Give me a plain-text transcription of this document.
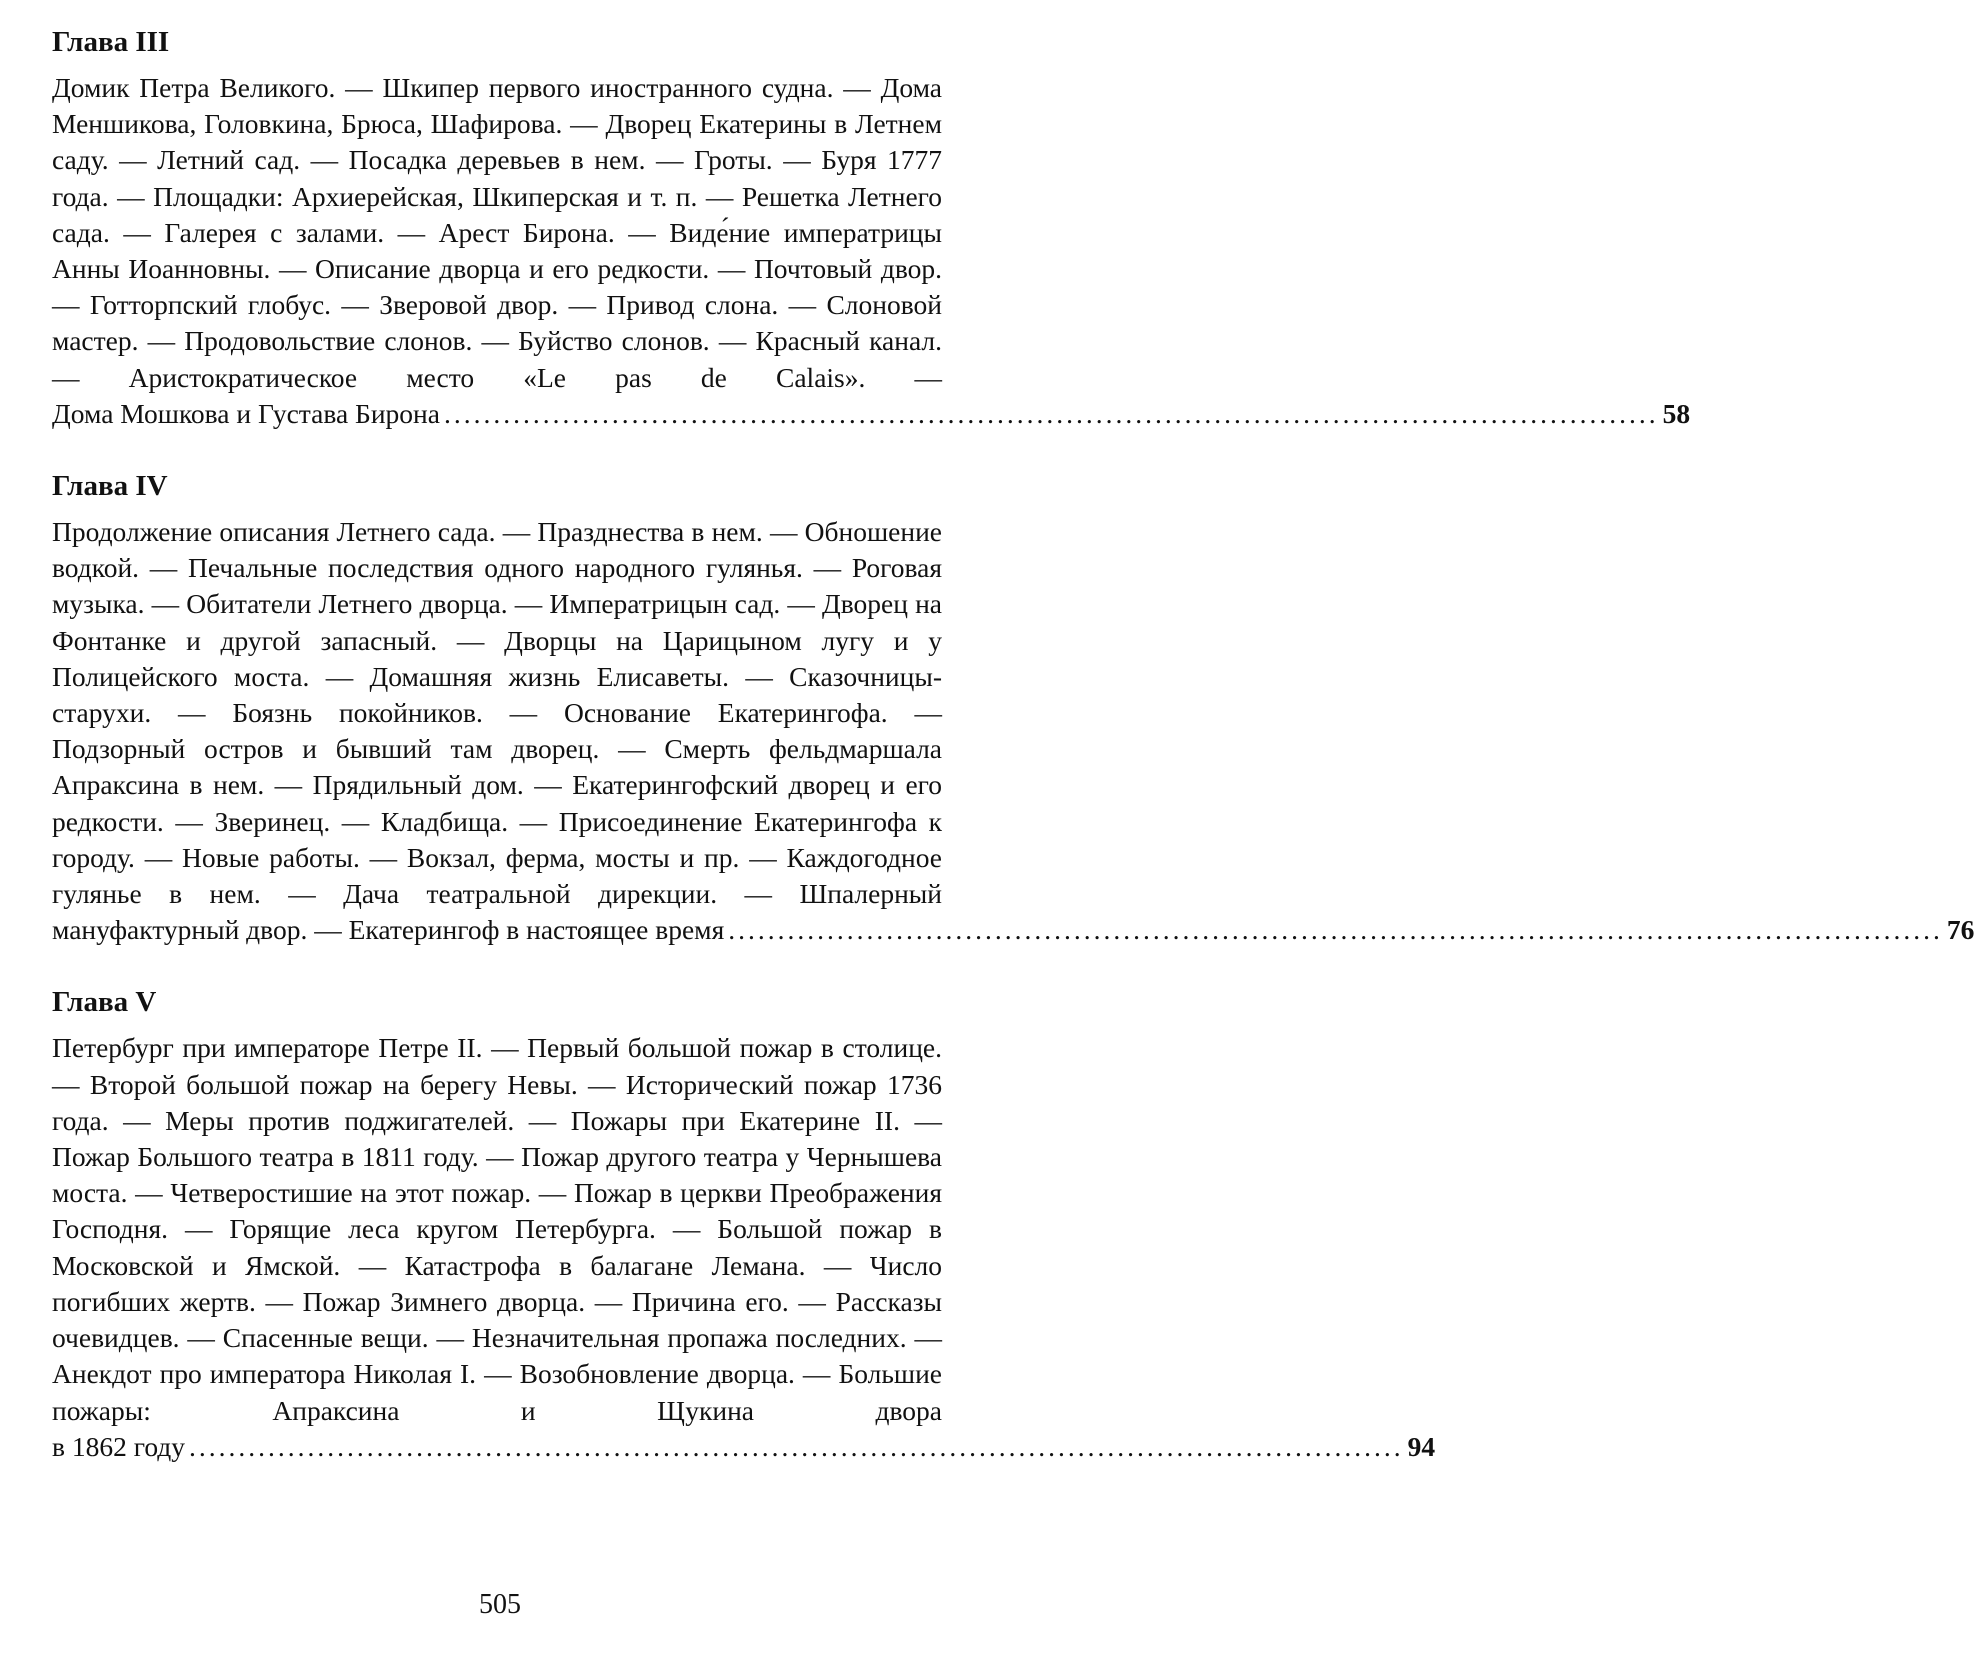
Глава III

Домик Петра Великого. — Шкипер первого иностранного судна. — Дома Меншикова, Головкина, Брюса, Шафирова. — Дворец Екатерины в Летнем саду. — Летний сад. — Посадка деревьев в нем. — Гроты. — Буря 1777 года. — Площадки: Архиерейская, Шкиперская и т. п. — Решетка Летнего сада. — Галерея с залами. — Арест Бирона. — Виде́ние императрицы Анны Иоанновны. — Описание дворца и его редкости. — Почтовый двор. — Готторпский глобус. — Зверовой двор. — Привод слона. — Слоновой мастер. — Продовольствие слонов. — Буйство слонов. — Красный канал. — Аристократическое место «Le pas de Calais». —

Дома Мошкова и Густава Бирона ........................................................................................................................... 58
Глава IV

Продолжение описания Летнего сада. — Празднества в нем. — Обношение водкой. — Печальные последствия одного народного гулянья. — Роговая музыка. — Обитатели Летнего дворца. — Императрицын сад. — Дворец на Фонтанке и другой запасный. — Дворцы на Царицыном лугу и у Полицейского моста. — Домашняя жизнь Елисаветы. — Сказочницы-старухи. — Боязнь покойников. — Основание Екатерингофа. — Подзорный остров и бывший там дворец. — Смерть фельдмаршала Апраксина в нем. — Прядильный дом. — Екатерингофский дворец и его редкости. — Зверинец. — Кладбища. — Присоединение Екатерингофа к городу. — Новые работы. — Вокзал, ферма, мосты и пр. — Каждогодное гулянье в нем. — Дача театральной дирекции. — Шпалерный

мануфактурный двор. — Екатерингоф в настоящее время ........................................................................................................................... 76
Глава V

Петербург при императоре Петре II. — Первый большой пожар в столице. — Второй большой пожар на берегу Невы. — Исторический пожар 1736 года. — Меры против поджигателей. — Пожары при Екатерине II. — Пожар Большого театра в 1811 году. — Пожар другого театра у Чернышева моста. — Четверостишие на этот пожар. — Пожар в церкви Преображения Господня. — Горящие леса кругом Петербурга. — Большой пожар в Московской и Ямской. — Катастрофа в балагане Лемана. — Число погибших жертв. — Пожар Зимнего дворца. — Причина его. — Рассказы очевидцев. — Спасенные вещи. — Незначительная пропажа последних. — Анекдот про императора Николая I. — Возобновление дворца. — Большие пожары: Апраксина и Щукина двора

в 1862 году ........................................................................................................................... 94
505
